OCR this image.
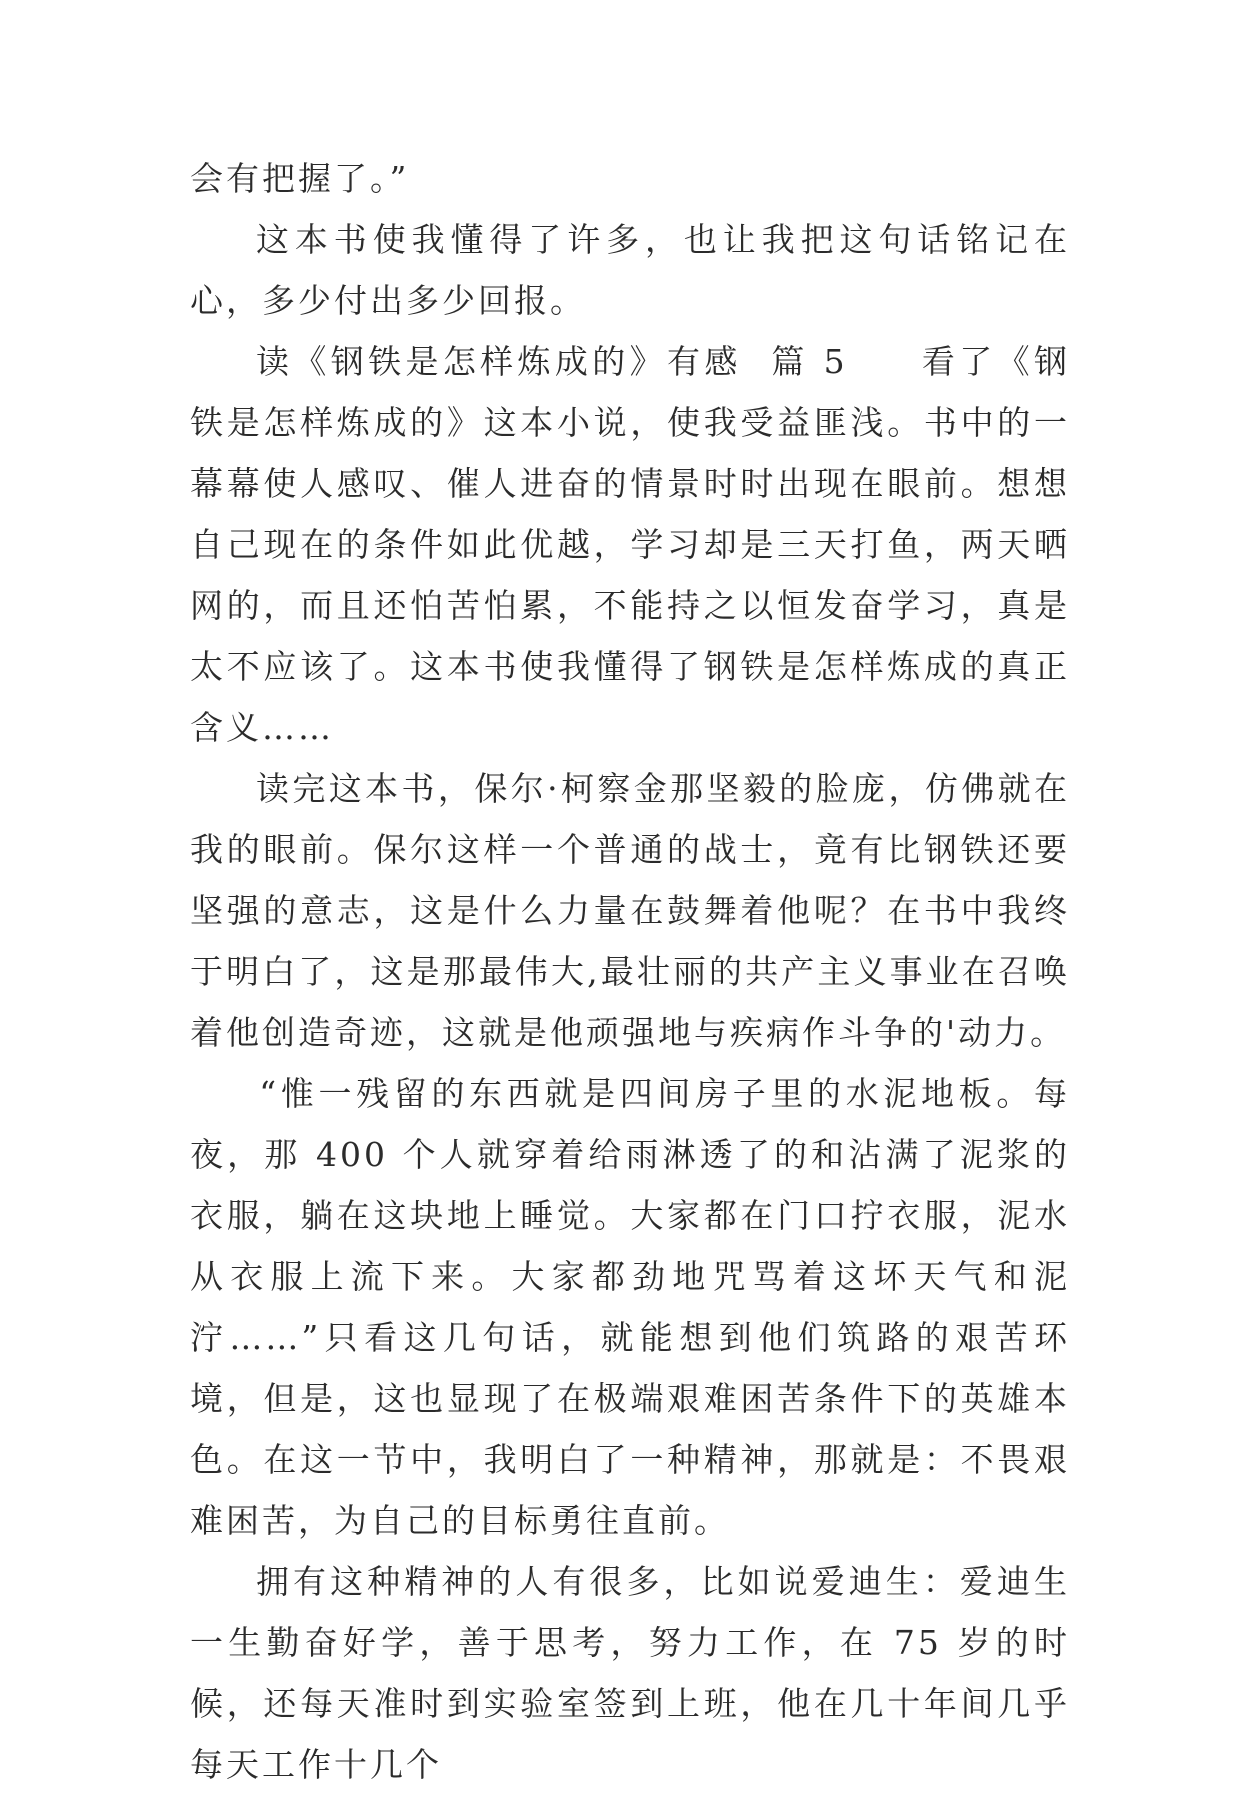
会有把握了。”

这本书使我懂得了许多，也让我把这句话铭记在心，多少付出多少回报。

读《钢铁是怎样炼成的》有感  篇 5     看了《钢铁是怎样炼成的》这本小说，使我受益匪浅。书中的一幕幕使人感叹、催人进奋的情景时时出现在眼前。想想自己现在的条件如此优越，学习却是三天打鱼，两天晒网的，而且还怕苦怕累，不能持之以恒发奋学习，真是太不应该了。这本书使我懂得了钢铁是怎样炼成的真正含义……

读完这本书，保尔·柯察金那坚毅的脸庞，仿佛就在我的眼前。保尔这样一个普通的战士，竟有比钢铁还要坚强的意志，这是什么力量在鼓舞着他呢？在书中我终于明白了，这是那最伟大,最壮丽的共产主义事业在召唤着他创造奇迹，这就是他顽强地与疾病作斗争的'动力。

“惟一残留的东西就是四间房子里的水泥地板。每夜，那 400 个人就穿着给雨淋透了的和沾满了泥浆的衣服，躺在这块地上睡觉。大家都在门口拧衣服，泥水从衣服上流下来。大家都劲地咒骂着这坏天气和泥泞……”只看这几句话，就能想到他们筑路的艰苦环境，但是，这也显现了在极端艰难困苦条件下的英雄本色。在这一节中，我明白了一种精神，那就是：不畏艰难困苦，为自己的目标勇往直前。

拥有这种精神的人有很多，比如说爱迪生：爱迪生一生勤奋好学，善于思考，努力工作，在 75 岁的时候，还每天准时到实验室签到上班，他在几十年间几乎每天工作十几个
